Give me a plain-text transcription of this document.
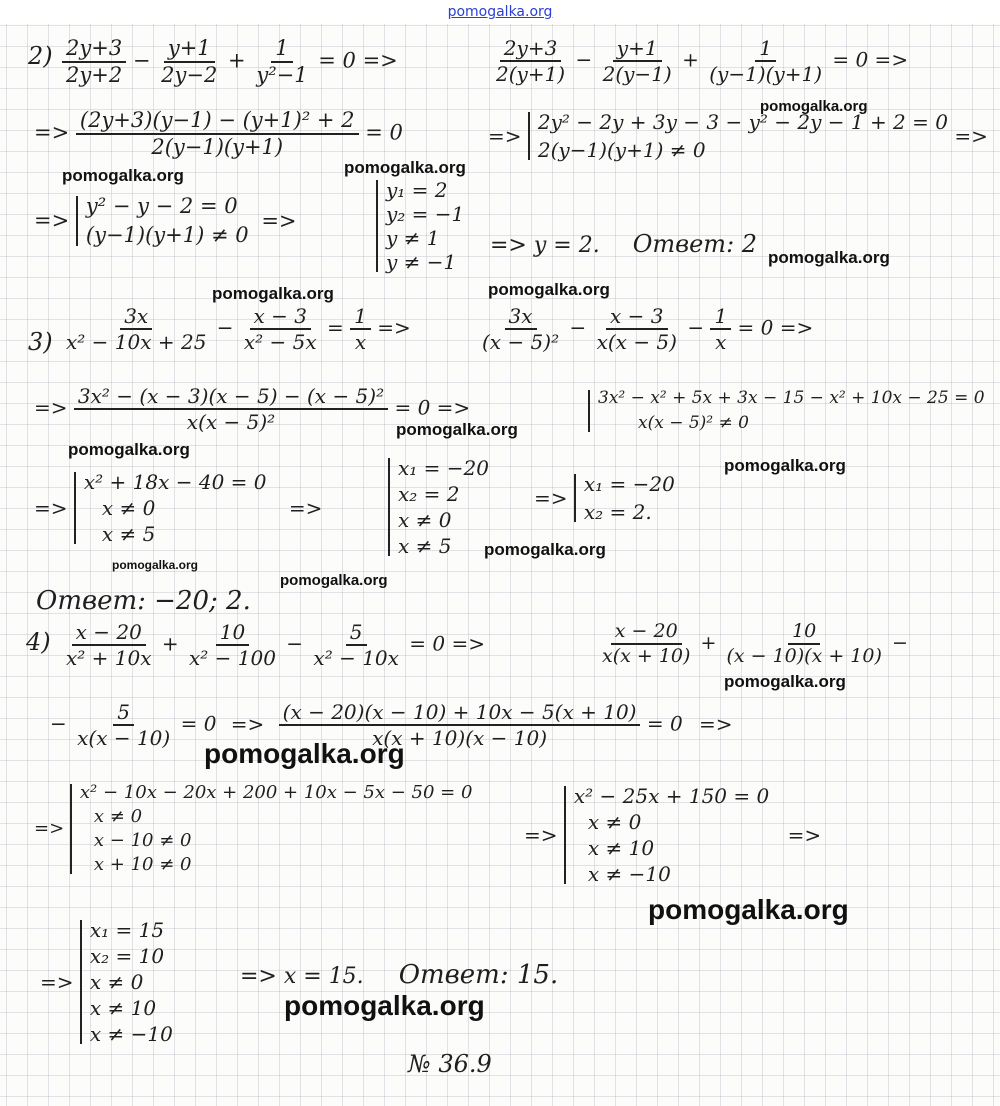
pomogalka.org
$2) \frac{2y+3}{2y+2} - \frac{y+1}{2y-2} + \frac{1}{\text{y²−1}} = 0$ =>	$\frac{2y+3}{2(y+1)} - \frac{y+1}{2(y-1)} + \frac{1}{(y-1)(y+1)} = 0$ =>
=> $\frac{\text{(2y+3)(y−1) − (y+1)² + 2}}{2(y-1)(y+1)} = 0$	=>
2y² − 2y + 3y − 3 − y² − 2y − 1 + 2 = 0
2(y−1)(y+1) ≠ 0
=>
=>
y² − y − 2 = 0
(y−1)(y+1) ≠ 0
=>
y₁ = 2
y₂ = −1
y ≠ 1
y ≠ −1
=> y = 2. Ответ: 2
$3) \frac{3x}{\text{x² − 10x + 25}} - \frac{x - 3}{\text{x² − 5x}} = \frac{1}{x}$ =>	$\frac{3x}{\text{(x − 5)²}} - \frac{x - 3}{x(x - 5)} - \frac{1}{x} = 0$ =>
=> $\frac{\text{3x² − (x − 3)(x − 5) − (x − 5)²}}{\text{x(x − 5)²}} = 0$ =>	3x² − x² + 5x + 3x − 15 − x² + 10x − 25 = 0
x(x − 5)² ≠ 0
=>
x² + 18x − 40 = 0
x ≠ 0
x ≠ 5
=>
x₁ = −20
x₂ = 2
x ≠ 0
x ≠ 5
=>
x₁ = −20
x₂ = 2.
Ответ: −20; 2.
$4) \frac{x - 20}{\text{x² + 10x}} + \frac{10}{\text{x² − 100}} - \frac{5}{\text{x² − 10x}} = 0$ =>	$\frac{x - 20}{x(x + 10)} + \frac{10}{(x - 10)(x + 10)}$ −
− $\frac{5}{x(x - 10)} = 0 => \frac{(x - 20)(x - 10) + 10x - 5(x + 10)}{x(x + 10)(x - 10)} = 0$ =>
=>
x² − 10x − 20x + 200 + 10x − 5x − 50 = 0
x ≠ 0
x − 10 ≠ 0
x + 10 ≠ 0
=>
x² − 25x + 150 = 0
x ≠ 0
x ≠ 10
x ≠ −10
=>
=>
x₁ = 15
x₂ = 10
x ≠ 0
x ≠ 10
x ≠ −10
=> x = 15. Ответ: 15.
№ 36.9
pomogalka.org	pomogalka.org
pomogalka.org
pomogalka.org	pomogalka.org
pomogalka.org
pomogalka.org
pomogalka.org
pomogalka.org
pomogalka.org
pomogalka.org
pomogalka.org
pomogalka.org
pomogalka.org
pomogalka.org
pomogalka.org
